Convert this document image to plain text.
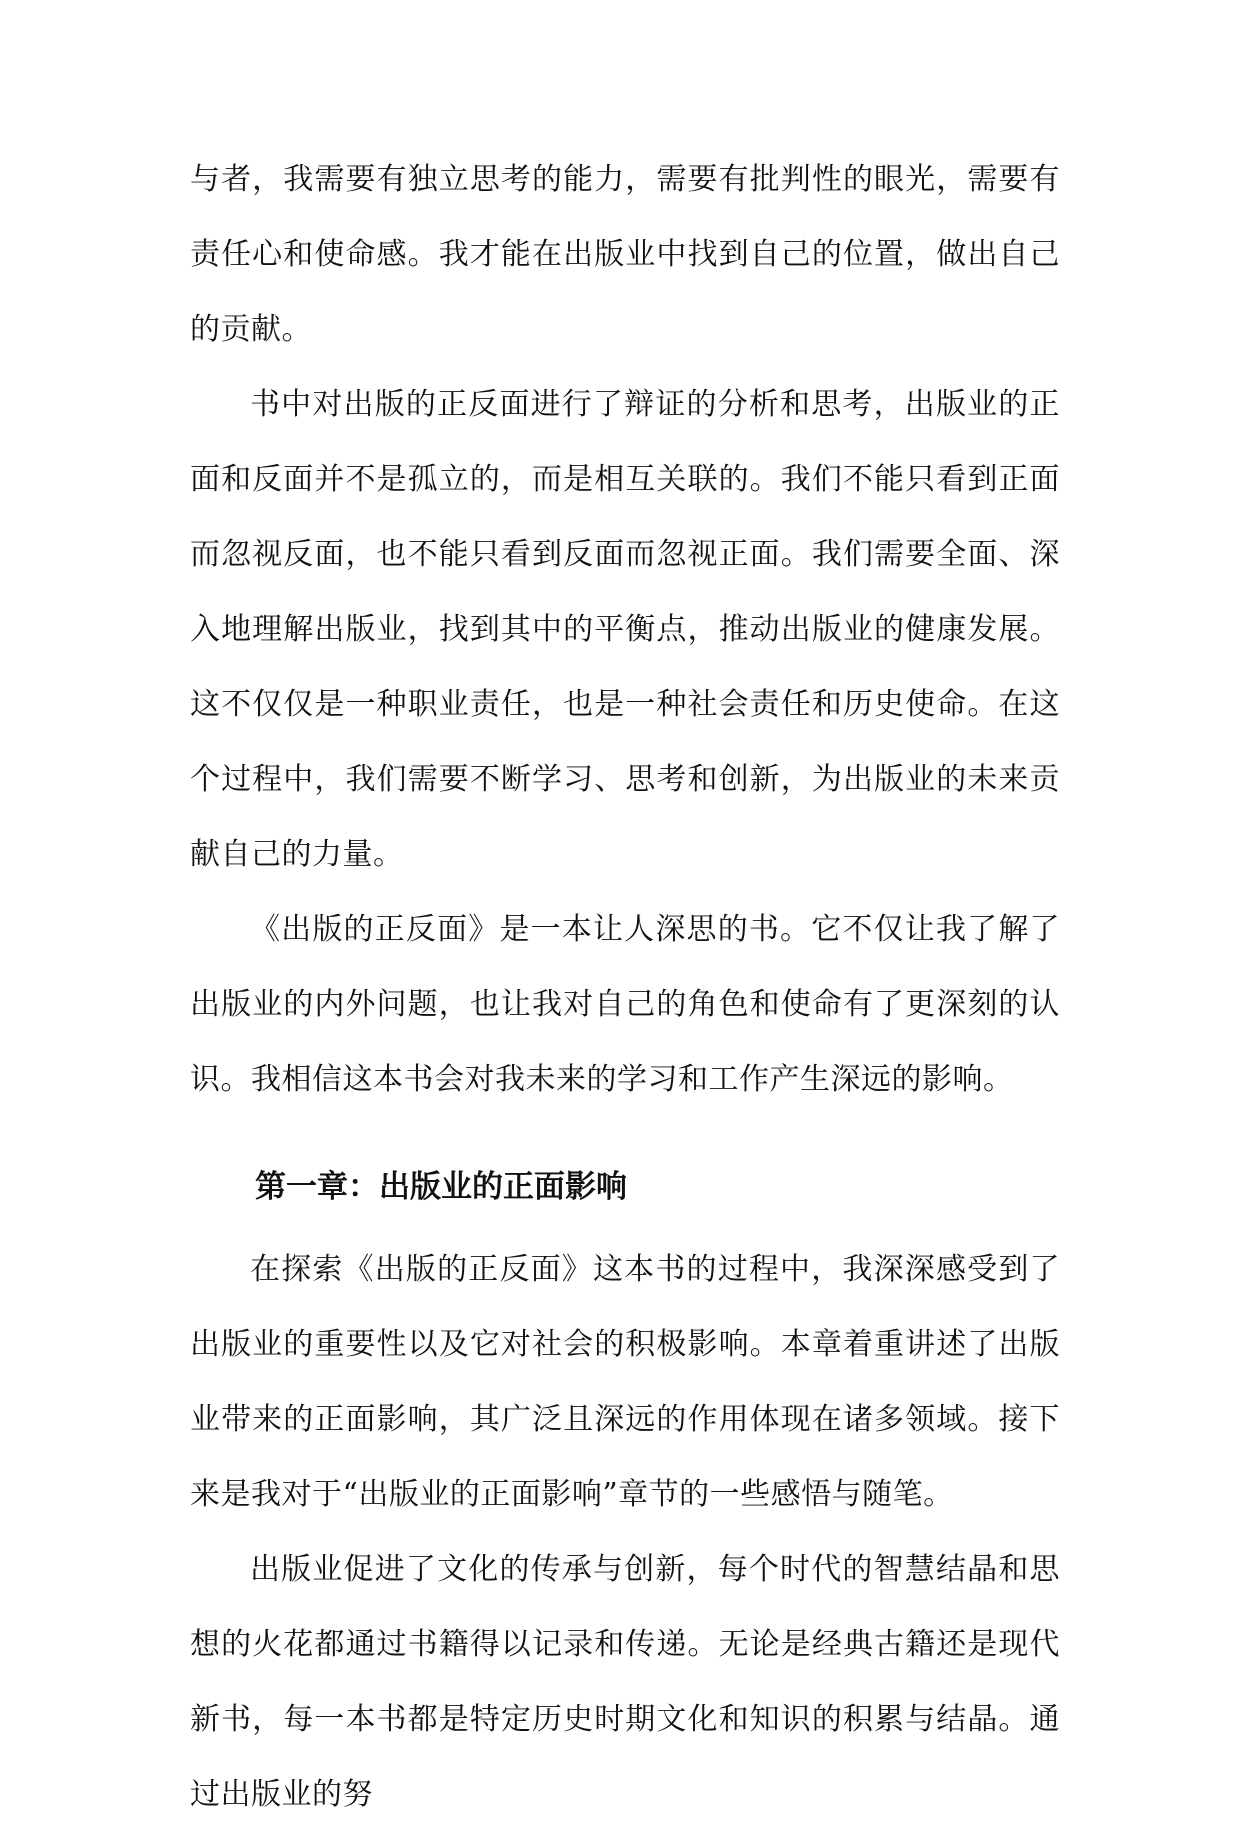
与者，我需要有独立思考的能力，需要有批判性的眼光，需要有责任心和使命感。我才能在出版业中找到自己的位置，做出自己的贡献。

书中对出版的正反面进行了辩证的分析和思考，出版业的正面和反面并不是孤立的，而是相互关联的。我们不能只看到正面而忽视反面，也不能只看到反面而忽视正面。我们需要全面、深入地理解出版业，找到其中的平衡点，推动出版业的健康发展。这不仅仅是一种职业责任，也是一种社会责任和历史使命。在这个过程中，我们需要不断学习、思考和创新，为出版业的未来贡献自己的力量。

《出版的正反面》是一本让人深思的书。它不仅让我了解了出版业的内外问题，也让我对自己的角色和使命有了更深刻的认识。我相信这本书会对我未来的学习和工作产生深远的影响。

第一章：出版业的正面影响

在探索《出版的正反面》这本书的过程中，我深深感受到了出版业的重要性以及它对社会的积极影响。本章着重讲述了出版业带来的正面影响，其广泛且深远的作用体现在诸多领域。接下来是我对于“出版业的正面影响”章节的一些感悟与随笔。

出版业促进了文化的传承与创新，每个时代的智慧结晶和思想的火花都通过书籍得以记录和传递。无论是经典古籍还是现代新书，每一本书都是特定历史时期文化和知识的积累与结晶。通过出版业的努
